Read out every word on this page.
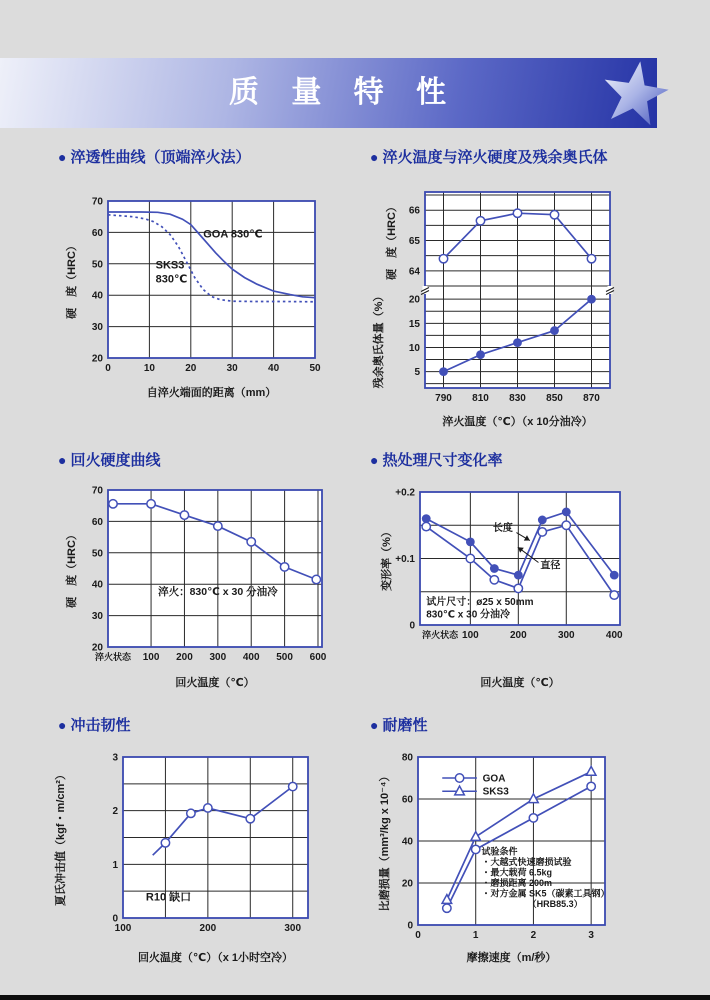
质 量 特 性
● 淬透性曲线（顶端淬火法）	● 淬火温度与淬火硬度及残余奥氏体
● 回火硬度曲线	● 热处理尺寸变化率
● 冲击韧性	● 耐磨性
0	10	20	30	40	50
20
30
40
50
60
70
GOA 830℃
SKS3
830℃
自淬火端面的距离（mm）
硬　度（HRC）
790 810 830 850 870
64
65
66
5
10
15
20
淬火温度（℃）（x 10分油冷）
硬　度（HRC）
残余奥氏体量（%）
淬火状态 100 200 300 400 500 600
20
30
40
50
60
70
淬火：830℃ x 30 分油冷
回火温度（℃）
硬　度（HRC）
淬火状态 100	200	300	400
0
+0.1
+0.2
长度
直径
试片尺寸：ø25 x 50mm
830℃ x 30 分油冷
回火温度（℃）
变形率（%）
100	200	300
0
1
2
3
R10 缺口
回火温度（℃）（x 1小时空冷）
夏氏冲击值（kgf・m/cm²）
0	1	2	3
0
20
40
60
80
试验条件
・大越式快速磨损试验
・最大载荷 6.5kg
・磨损距离 200m
・对方金属 SK5（碳素工具钢）
（HRB85.3）
GOA
SKS3
摩擦速度（m/秒）
比磨损量（mm³/kg x 10⁻⁴）
